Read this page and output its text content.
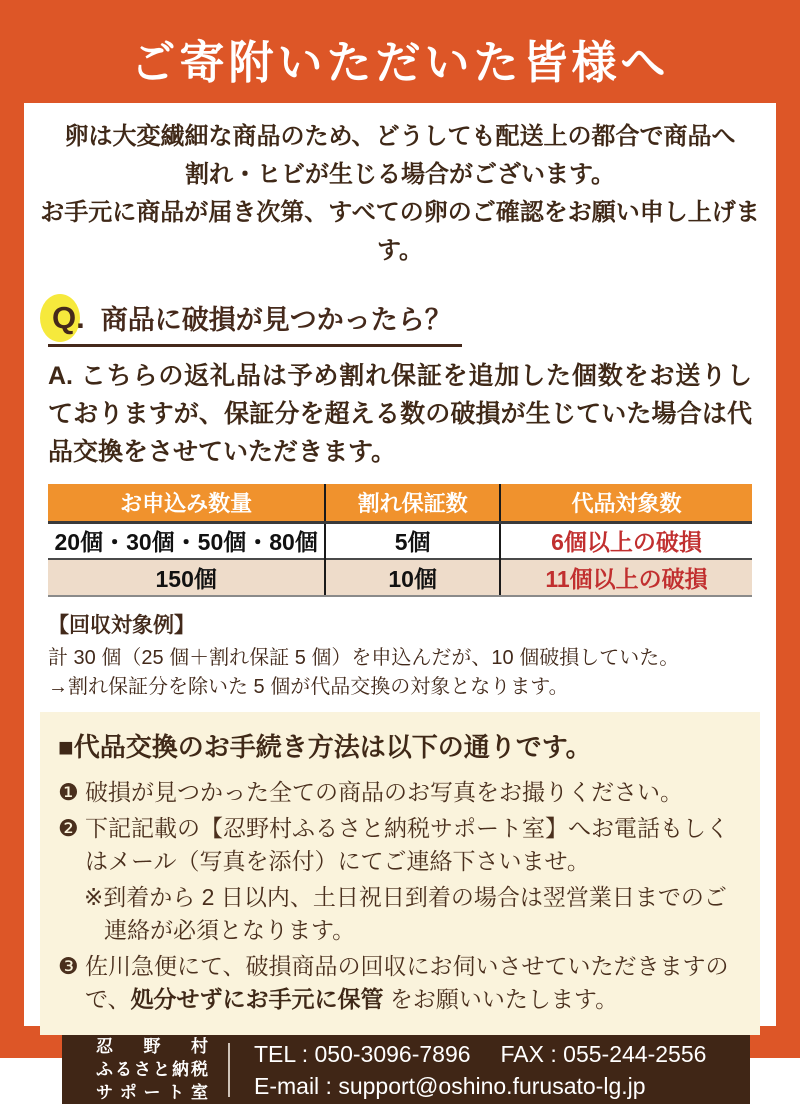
ご寄附いただいた皆様へ
卵は大変繊細な商品のため、どうしても配送上の都合で商品へ
割れ・ヒビが生じる場合がございます。
お手元に商品が届き次第、すべての卵のご確認をお願い申し上げます。
Q. 商品に破損が見つかったら？
A. こちらの返礼品は予め割れ保証を追加した個数をお送りしておりますが、保証分を超える数の破損が生じていた場合は代品交換をさせていただきます。
お申込み数量	割れ保証数	代品対象数
20個・30個・50個・80個	5個	6個以上の破損
150個	10個	11個以上の破損
【回収対象例】
計 30 個（25 個＋割れ保証 5 個）を申込んだが、10 個破損していた。
→割れ保証分を除いた 5 個が代品交換の対象となります。
■代品交換のお手続き方法は以下の通りです。
❶ 破損が見つかった全ての商品のお写真をお撮りください。
❷ 下記記載の【忍野村ふるさと納税サポート室】へお電話もしくはメール（写真を添付）にてご連絡下さいませ。
※到着から 2 日以内、土日祝日到着の場合は翌営業日までのご連絡が必須となります。
❸ 佐川急便にて、破損商品の回収にお伺いさせていただきますので、処分せずにお手元に保管 をお願いいたします。
忍野村
ふるさと納税
サポート室
TEL : 050-3096-7896 FAX : 055-244-2556
E-mail : support@oshino.furusato-lg.jp
